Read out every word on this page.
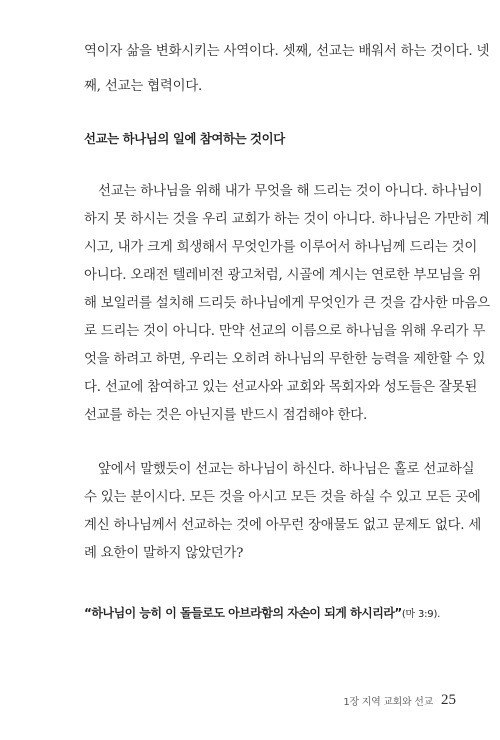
역이자 삶을 변화시키는 사역이다. 셋째, 선교는 배워서 하는 것이다. 넷
째, 선교는 협력이다.
선교는 하나님의 일에 참여하는 것이다
선교는 하나님을 위해 내가 무엇을 해 드리는 것이 아니다. 하나님이
하지 못 하시는 것을 우리 교회가 하는 것이 아니다. 하나님은 가만히 계
시고, 내가 크게 희생해서 무엇인가를 이루어서 하나님께 드리는 것이
아니다. 오래전 텔레비전 광고처럼, 시골에 계시는 연로한 부모님을 위
해 보일러를 설치해 드리듯 하나님에게 무엇인가 큰 것을 감사한 마음으
로 드리는 것이 아니다. 만약 선교의 이름으로 하나님을 위해 우리가 무
엇을 하려고 하면, 우리는 오히려 하나님의 무한한 능력을 제한할 수 있
다. 선교에 참여하고 있는 선교사와 교회와 목회자와 성도들은 잘못된
선교를 하는 것은 아닌지를 반드시 점검해야 한다.
앞에서 말했듯이 선교는 하나님이 하신다. 하나님은 홀로 선교하실
수 있는 분이시다. 모든 것을 아시고 모든 것을 하실 수 있고 모든 곳에
계신 하나님께서 선교하는 것에 아무런 장애물도 없고 문제도 없다. 세
례 요한이 말하지 않았던가?
“하나님이 능히 이 돌들로도 아브라함의 자손이 되게 하시리라”(마 3:9).
1장 지역 교회와 선교 25
